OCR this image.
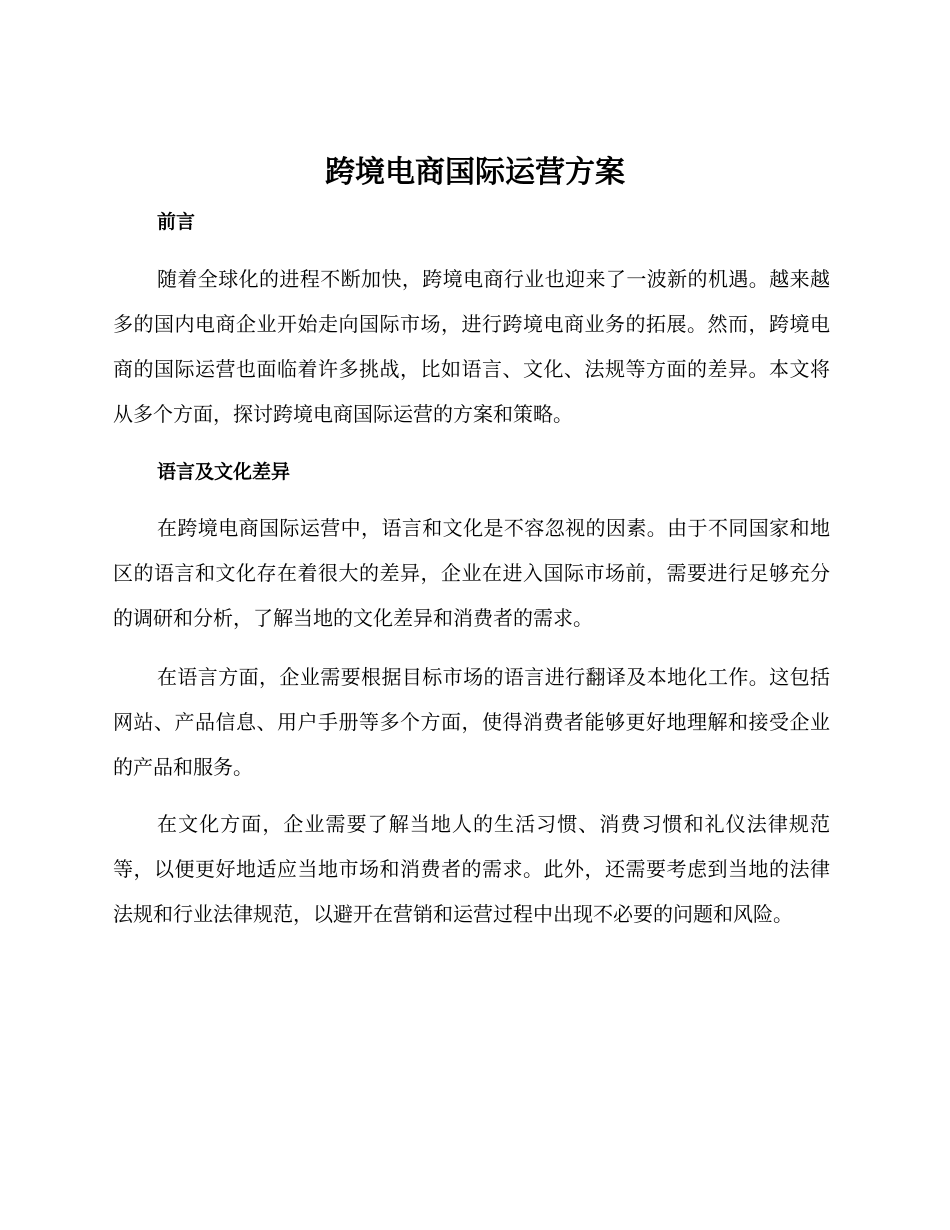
跨境电商国际运营方案
前言

随着全球化的进程不断加快，跨境电商行业也迎来了一波新的机遇。越来越多的国内电商企业开始走向国际市场，进行跨境电商业务的拓展。然而，跨境电商的国际运营也面临着许多挑战，比如语言、文化、法规等方面的差异。本文将从多个方面，探讨跨境电商国际运营的方案和策略。

语言及文化差异

在跨境电商国际运营中，语言和文化是不容忽视的因素。由于不同国家和地区的语言和文化存在着很大的差异，企业在进入国际市场前，需要进行足够充分的调研和分析，了解当地的文化差异和消费者的需求。

在语言方面，企业需要根据目标市场的语言进行翻译及本地化工作。这包括网站、产品信息、用户手册等多个方面，使得消费者能够更好地理解和接受企业的产品和服务。

在文化方面，企业需要了解当地人的生活习惯、消费习惯和礼仪法律规范等，以便更好地适应当地市场和消费者的需求。此外，还需要考虑到当地的法律法规和行业法律规范，以避开在营销和运营过程中出现不必要的问题和风险。
